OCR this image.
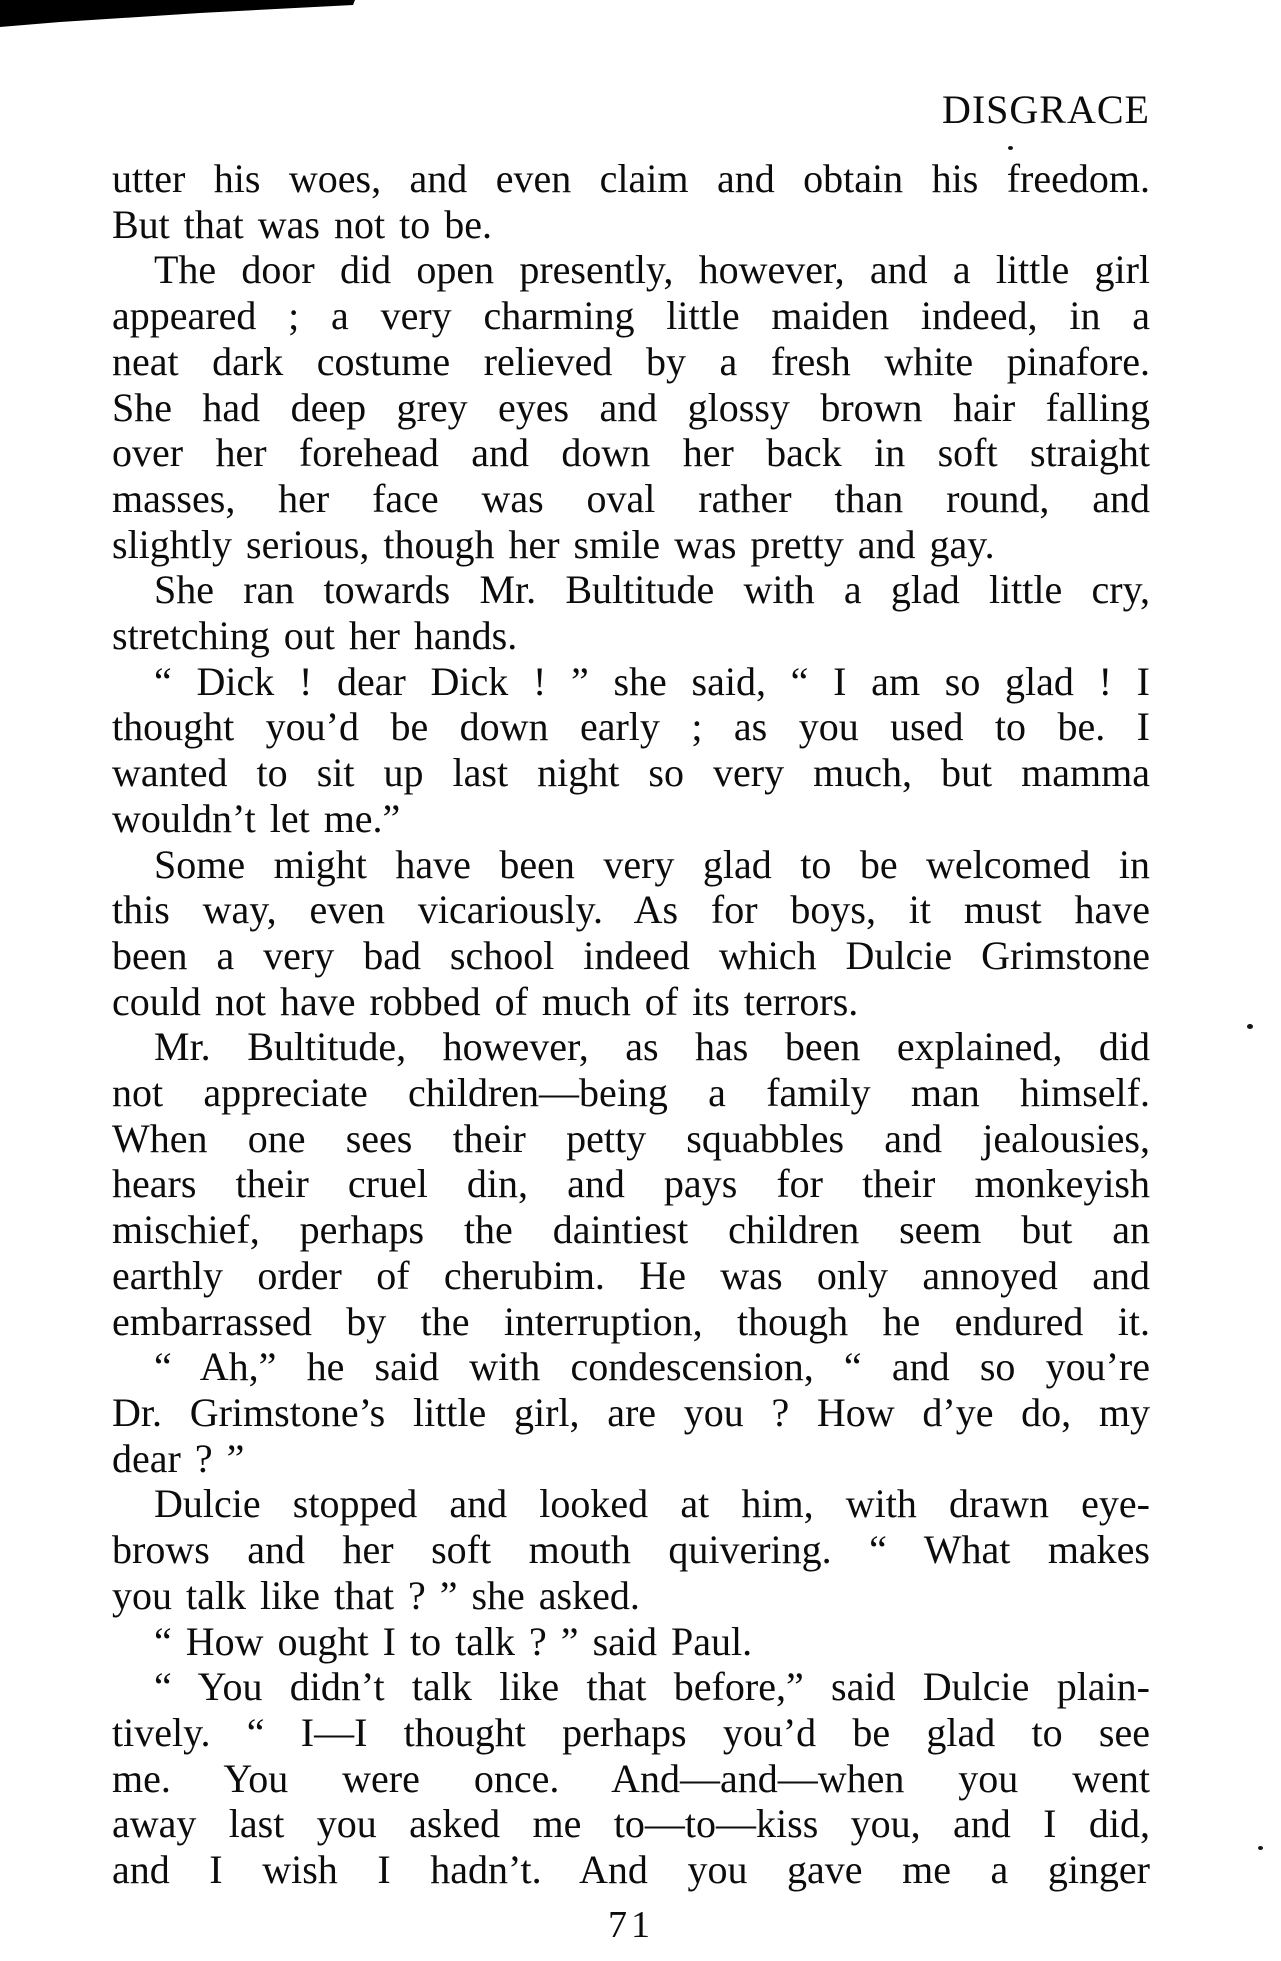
DISGRACE
utter his woes, and even claim and obtain his freedom.
But that was not to be.
The door did open presently, however, and a little girl
appeared ; a very charming little maiden indeed, in a
neat dark costume relieved by a fresh white pinafore.
She had deep grey eyes and glossy brown hair falling
over her forehead and down her back in soft straight
masses, her face was oval rather than round, and
slightly serious, though her smile was pretty and gay.
She ran towards Mr. Bultitude with a glad little cry,
stretching out her hands.
“ Dick ! dear Dick ! ” she said, “ I am so glad ! I
thought you’d be down early ; as you used to be. I
wanted to sit up last night so very much, but mamma
wouldn’t let me.”
Some might have been very glad to be welcomed in
this way, even vicariously. As for boys, it must have
been a very bad school indeed which Dulcie Grimstone
could not have robbed of much of its terrors.
Mr. Bultitude, however, as has been explained, did
not appreciate children—being a family man himself.
When one sees their petty squabbles and jealousies,
hears their cruel din, and pays for their monkeyish
mischief, perhaps the daintiest children seem but an
earthly order of cherubim. He was only annoyed and
embarrassed by the interruption, though he endured it.
“ Ah,” he said with condescension, “ and so you’re
Dr. Grimstone’s little girl, are you ? How d’ye do, my
dear ? ”
Dulcie stopped and looked at him, with drawn eye-
brows and her soft mouth quivering. “ What makes
you talk like that ? ” she asked.
“ How ought I to talk ? ” said Paul.
“ You didn’t talk like that before,” said Dulcie plain-
tively. “ I—I thought perhaps you’d be glad to see
me. You were once. And—and—when you went
away last you asked me to—to—kiss you, and I did,
and I wish I hadn’t. And you gave me a ginger
71
